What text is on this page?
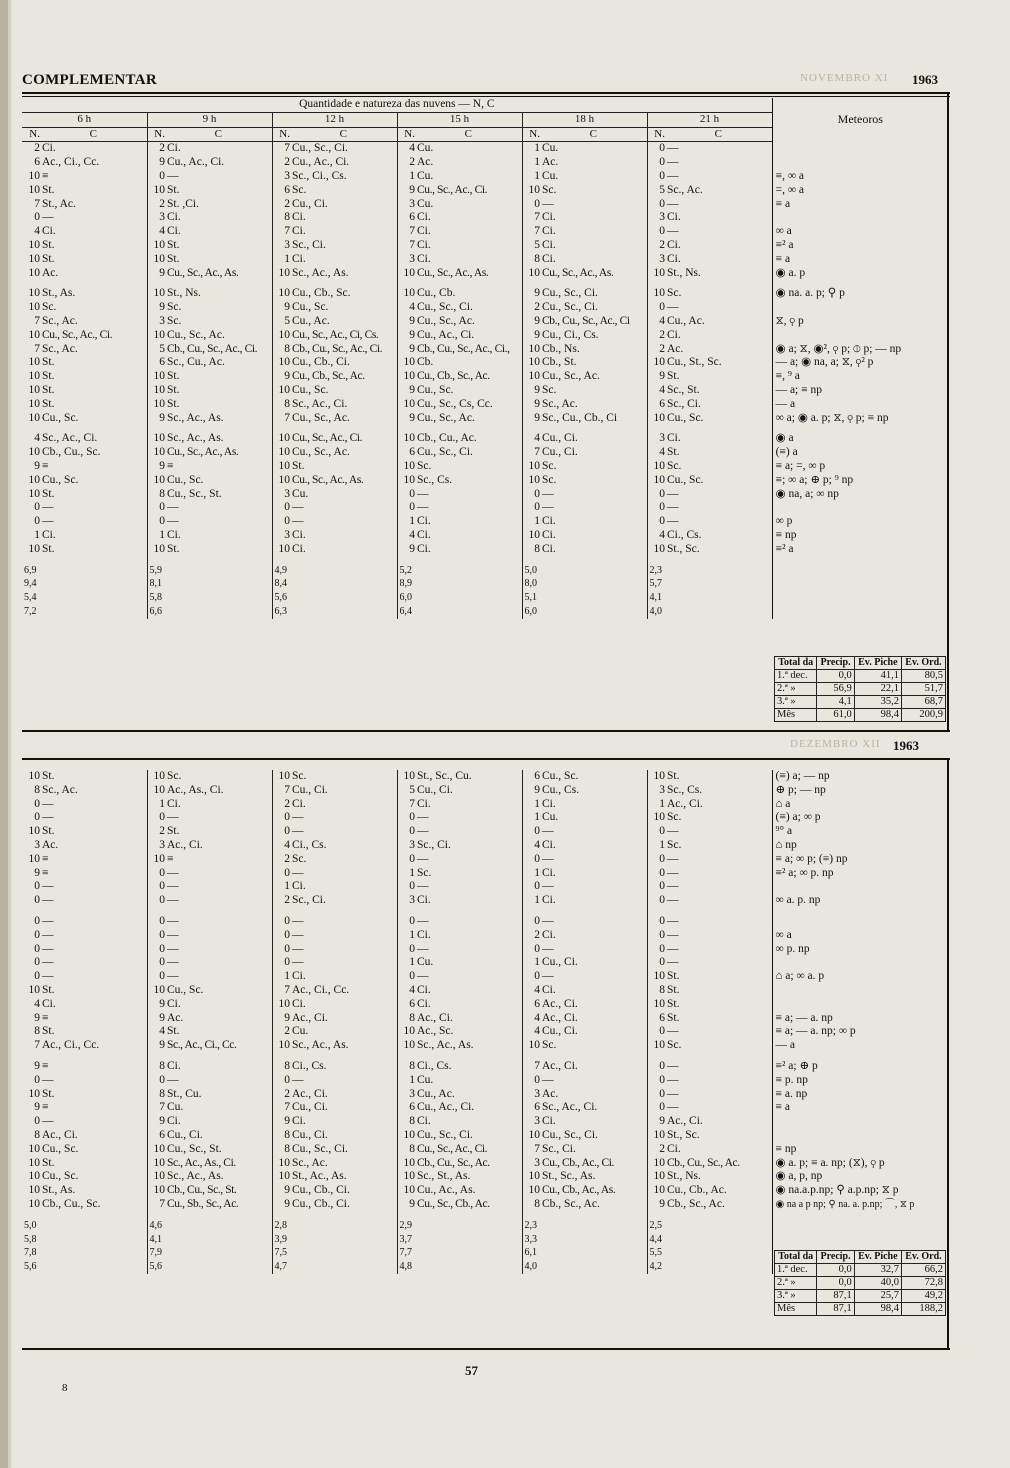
COMPLEMENTAR	1963
NOVEMBRO XI
1963
DEZEMBRO XII
Quantidade e natureza das nuvens — N, C												Meteoros
6 h		9 h		12 h		15 h		18 h		21 h		
N.	C	N.	C	N.	C	N.	C	N.	C	N.	C	
2	Ci.	2	Ci.	7	Cu., Sc., Ci.	4	Cu.	1	Cu.	0	—	
6	Ac., Ci., Cc.	9	Cu., Ac., Ci.	2	Cu., Ac., Ci.	2	Ac.	1	Ac.	0	—	
10	≡	0	—	3	Sc., Ci., Cs.	1	Cu.	1	Cu.	0	—	≡, ∞ a
10	St.	10	St.	6	Sc.	9	Cu., Sc., Ac., Ci.	10	Sc.	5	Sc., Ac.	=, ∞ a
7	St., Ac.	2	St. ,Ci.	2	Cu., Ci.	3	Cu.	0	—	0	—	≡ a
0	—	3	Ci.	8	Ci.	6	Ci.	7	Ci.	3	Ci.	
4	Ci.	4	Ci.	7	Ci.	7	Ci.	7	Ci.	0	—	∞ a
10	St.	10	St.	3	Sc., Ci.	7	Ci.	5	Ci.	2	Ci.	≡² a
10	St.	10	St.	1	Ci.	3	Ci.	8	Ci.	3	Ci.	≡ a
10	Ac.	9	Cu., Sc., Ac., As.	10	Sc., Ac., As.	10	Cu., Sc., Ac., As.	10	Cu., Sc., Ac., As.	10	St., Ns.	◉ a. p

10	St., As.	10	St., Ns.	10	Cu., Cb., Sc.	10	Cu., Cb.	9	Cu., Sc., Ci.	10	Sc.	◉ na. a. p; ⚲ p
10	Sc.	9	Sc.	9	Cu., Sc.	4	Cu., Sc., Ci.	2	Cu., Sc., Ci.	0	—	
7	Sc., Ac.	3	Sc.	5	Cu., Ac.	9	Cu., Sc., Ac.	9	Cb., Cu., Sc., Ac., Ci	4	Cu., Ac.	⧖, ⚲ p
10	Cu., Sc., Ac., Ci.	10	Cu., Sc., Ac.	10	Cu., Sc., Ac., Ci, Cs.	9	Cu., Ac., Ci.	9	Cu., Ci., Cs.	2	Ci.	
7	Sc., Ac.	5	Cb., Cu., Sc., Ac., Ci.	8	Cb., Cu., Sc., Ac., Ci.	9	Cb., Cu., Sc., Ac., Ci.,	10	Cb., Ns.	2	Ac.	◉ a; ⧖, ◉², ⚲ p; ⦶ p; — np
10	St.	6	Sc., Cu., Ac.	10	Cu., Cb., Ci.	10	Cb.	10	Cb., St.	10	Cu., St., Sc.	— a; ◉ na, a; ⧖, ⚲² p
10	St.	10	St.	9	Cu., Cb., Sc., Ac.	10	Cu., Cb., Sc., Ac.	10	Cu., Sc., Ac.	9	St.	≡, ⁹ a
10	St.	10	St.	10	Cu., Sc.	9	Cu., Sc.	9	Sc.	4	Sc., St.	— a; ≡ np
10	St.	10	St.	8	Sc., Ac., Ci.	10	Cu., Sc., Cs, Cc.	9	Sc., Ac.	6	Sc., Ci.	— a
10	Cu., Sc.	9	Sc., Ac., As.	7	Cu., Sc., Ac.	9	Cu., Sc., Ac.	9	Sc., Cu., Cb., Ci	10	Cu., Sc.	∞ a; ◉ a. p; ⧖, ⚲ p; ≡ np

4	Sc., Ac., Ci.	10	Sc., Ac., As.	10	Cu., Sc., Ac., Ci.	10	Cb., Cu., Ac.	4	Cu., Ci.	3	Ci.	◉ a
10	Cb., Cu., Sc.	10	Cu., Sc., Ac., As.	10	Cu., Sc., Ac.	6	Cu., Sc., Ci.	7	Cu., Ci.	4	St.	(≡) a
9	≡	9	≡	10	St.	10	Sc.	10	Sc.	10	Sc.	≡ a; =, ∞ p
10	Cu., Sc.	10	Cu., Sc.	10	Cu., Sc., Ac., As.	10	Sc., Cs.	10	Sc.	10	Cu., Sc.	≡; ∞ a; ⊕ p; ⁹ np
10	St.	8	Cu., Sc., St.	3	Cu.	0	—	0	—	0	—	◉ na, a; ∞ np
0	—	0	—	0	—	0	—	0	—	0	—	
0	—	0	—	0	—	1	Ci.	1	Ci.	0	—	∞ p
1	Ci.	1	Ci.	3	Ci.	4	Ci.	10	Ci.	4	Ci., Cs.	≡ np
10	St.	10	St.	10	Ci.	9	Ci.	8	Ci.	10	St., Sc.	≡² a

6,9		5,9		4,9		5,2		5,0		2,3		
9,4		8,1		8,4		8,9		8,0		5,7		
5,4		5,8		5,6		6,0		5,1		4,1		
7,2		6,6		6,3		6,4		6,0		4,0		
Total da	Precip.	Ev. Piche	Ev. Ord.
1.ª dec.	0,0	41,1	80,5
2.ª »	56,9	22,1	51,7
3.ª »	4,1	35,2	68,7
Mês	61,0	98,4	200,9
10	St.	10	Sc.	10	Sc.	10	St., Sc., Cu.	6	Cu., Sc.	10	St.	(≡) a; — np
8	Sc., Ac.	10	Ac., As., Ci.	7	Cu., Ci.	5	Cu., Ci.	9	Cu., Cs.	3	Sc., Cs.	⊕ p; — np
0	—	1	Ci.	2	Ci.	7	Ci.	1	Ci.	1	Ac., Ci.	⌂ a
0	—	0	—	0	—	0	—	1	Cu.	10	Sc.	(≡) a; ∞ p
10	St.	2	St.	0	—	0	—	0	—	0	—	⁹° a
3	Ac.	3	Ac., Ci.	4	Ci., Cs.	3	Sc., Ci.	4	Ci.	1	Sc.	⌂ np
10	≡	10	≡	2	Sc.	0	—	0	—	0	—	≡ a; ∞ p; (≡) np
9	≡	0	—	0	—	1	Sc.	1	Ci.	0	—	≡² a; ∞ p. np
0	—	0	—	1	Ci.	0	—	0	—	0	—	
0	—	0	—	2	Sc., Ci.	3	Ci.	1	Ci.	0	—	∞ a. p. np

0	—	0	—	0	—	0	—	0	—	0	—	
0	—	0	—	0	—	1	Ci.	2	Ci.	0	—	∞ a
0	—	0	—	0	—	0	—	0	—	0	—	∞ p. np
0	—	0	—	0	—	1	Cu.	1	Cu., Ci.	0	—	
0	—	0	—	1	Ci.	0	—	0	—	10	St.	⌂ a; ∞ a. p
10	St.	10	Cu., Sc.	7	Ac., Ci., Cc.	4	Ci.	4	Ci.	8	St.	
4	Ci.	9	Ci.	10	Ci.	6	Ci.	6	Ac., Ci.	10	St.	
9	≡	9	Ac.	9	Ac., Ci.	8	Ac., Ci.	4	Ac., Ci.	6	St.	≡ a; — a. np
8	St.	4	St.	2	Cu.	10	Ac., Sc.	4	Cu., Ci.	0	—	≡ a; — a. np; ∞ p
7	Ac., Ci., Cc.	9	Sc., Ac., Ci., Cc.	10	Sc., Ac., As.	10	Sc., Ac., As.	10	Sc.	10	Sc.	— a

9	≡	8	Ci.	8	Ci., Cs.	8	Ci., Cs.	7	Ac., Ci.	0	—	≡² a; ⊕ p
0	—	0	—	0	—	1	Cu.	0	—	0	—	≡ p. np
10	St.	8	St., Cu.	2	Ac., Ci.	3	Cu., Ac.	3	Ac.	0	—	≡ a. np
9	≡	7	Cu.	7	Cu., Ci.	6	Cu., Ac., Ci.	6	Sc., Ac., Ci.	0	—	≡ a
0	—	9	Ci.	9	Ci.	8	Ci.	3	Ci.	9	Ac., Ci.	
8	Ac., Ci.	6	Cu., Ci.	8	Cu., Ci.	10	Cu., Sc., Ci.	10	Cu., Sc., Ci.	10	St., Sc.	
10	Cu., Sc.	10	Cu., Sc., St.	8	Cu., Sc., Ci.	8	Cu., Sc., Ac., Ci.	7	Sc., Ci.	2	Ci.	≡ np
10	St.	10	Sc., Ac., As., Ci.	10	Sc., Ac.	10	Cb., Cu., Sc., Ac.	3	Cu., Cb., Ac., Ci.	10	Cb., Cu., Sc., Ac.	◉ a. p; ≡ a. np; (⧖), ⚲ p
10	Cu., Sc.	10	Sc., Ac., As.	10	St., Ac., As.	10	Sc., St., As.	10	St., Sc., As.	10	St., Ns.	◉ a, p, np
10	St., As.	10	Cb., Cu., Sc., St.	9	Cu., Cb., Ci.	10	Cu., Ac., As.	10	Cu., Cb., Ac., As.	10	Cu., Cb., Ac.	◉ na.a.p.np; ⚲ a.p.np; ⧖ p
10	Cb., Cu., Sc.	7	Cu., Sb., Sc., Ac.	9	Cu., Cb., Ci.	9	Cu., Sc., Cb., Ac.	8	Cb., Sc., Ac.	9	Cb., Sc., Ac.	◉ na a p np; ⚲ na. a. p.np; ⌒, ⧖ p

5,0		4,6		2,8		2,9		2,3		2,5		
5,8		4,1		3,9		3,7		3,3		4,4		
7,8		7,9		7,5		7,7		6,1		5,5		
5,6		5,6		4,7		4,8		4,0		4,2		
Total da	Precip.	Ev. Piche	Ev. Ord.
1.ª dec.	0,0	32,7	66,2
2.ª »	0,0	40,0	72,8
3.ª »	87,1	25,7	49,2
Mês	87,1	98,4	188,2
57
8
